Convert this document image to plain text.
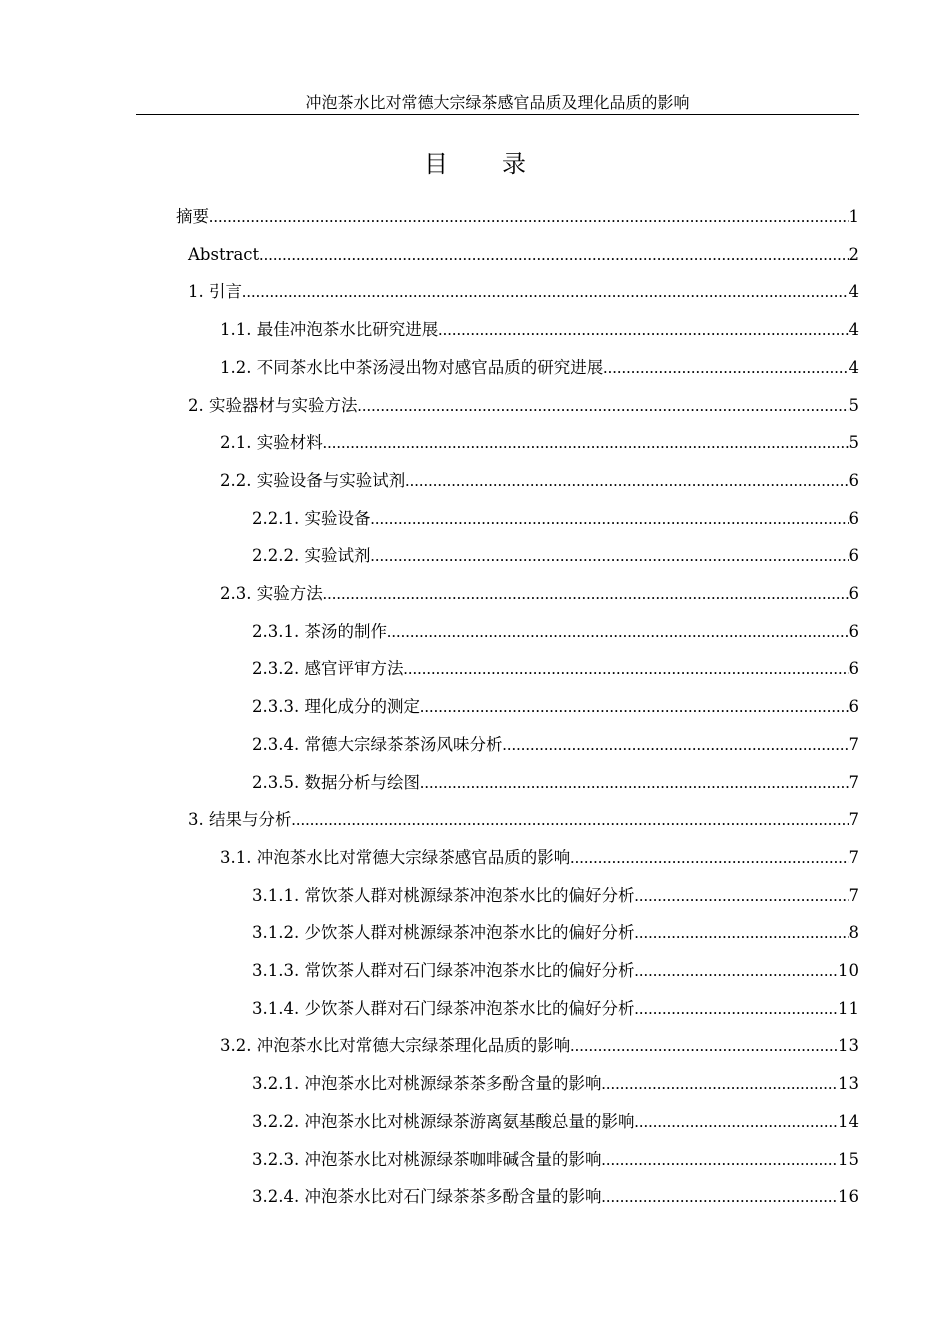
冲泡茶水比对常德大宗绿茶感官品质及理化品质的影响
目 录
摘要 .....	1
Abstract .....	2
1. 引言 .....	4
1.1. 最佳冲泡茶水比研究进展 .....	4
1.2. 不同茶水比中茶汤浸出物对感官品质的研究进展 .....	4
2. 实验器材与实验方法 .....	5
2.1. 实验材料 .....	5
2.2. 实验设备与实验试剂 .....	6
2.2.1. 实验设备 .....	6
2.2.2. 实验试剂 .....	6
2.3. 实验方法 .....	6
2.3.1. 茶汤的制作 .....	6
2.3.2. 感官评审方法 .....	6
2.3.3. 理化成分的测定 .....	6
2.3.4. 常德大宗绿茶茶汤风味分析 .....	7
2.3.5. 数据分析与绘图 .....	7
3. 结果与分析 .....	7
3.1. 冲泡茶水比对常德大宗绿茶感官品质的影响 .....	7
3.1.1. 常饮茶人群对桃源绿茶冲泡茶水比的偏好分析 .....	7
3.1.2. 少饮茶人群对桃源绿茶冲泡茶水比的偏好分析 .....	8
3.1.3. 常饮茶人群对石门绿茶冲泡茶水比的偏好分析 .....	10
3.1.4. 少饮茶人群对石门绿茶冲泡茶水比的偏好分析 .....	11
3.2. 冲泡茶水比对常德大宗绿茶理化品质的影响 .....	13
3.2.1. 冲泡茶水比对桃源绿茶茶多酚含量的影响 .....	13
3.2.2. 冲泡茶水比对桃源绿茶游离氨基酸总量的影响 .....	14
3.2.3. 冲泡茶水比对桃源绿茶咖啡碱含量的影响 .....	15
3.2.4. 冲泡茶水比对石门绿茶茶多酚含量的影响 .....	16
